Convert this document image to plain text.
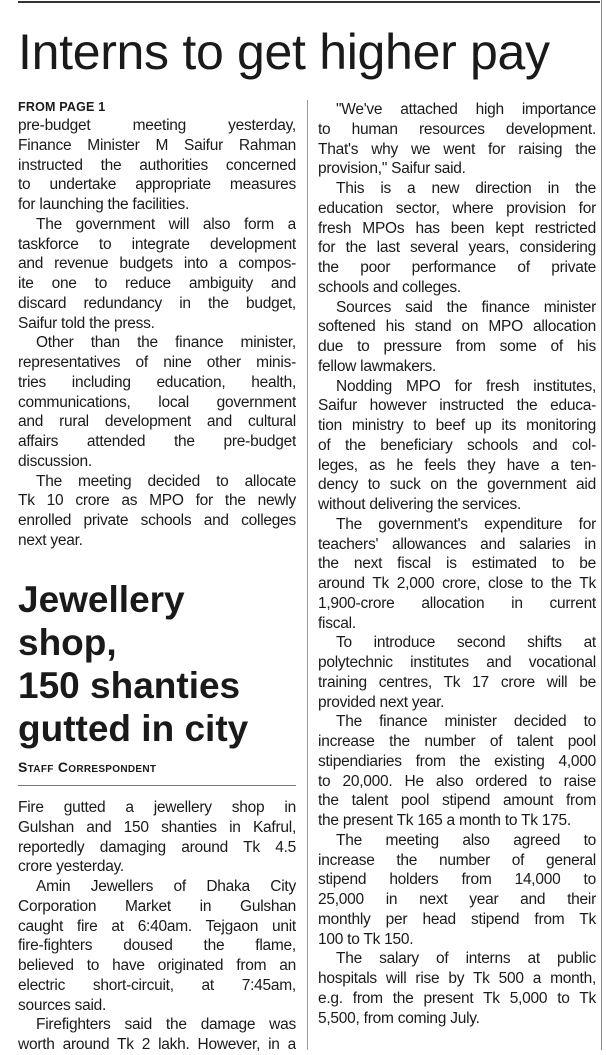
Interns to get higher pay
FROM PAGE 1
pre-budget meeting yesterday,
Finance Minister M Saifur Rahman
instructed the authorities concerned
to undertake appropriate measures
for launching the facilities.
The government will also form a
taskforce to integrate development
and revenue budgets into a compos-
ite one to reduce ambiguity and
discard redundancy in the budget,
Saifur told the press.
Other than the finance minister,
representatives of nine other minis-
tries including education, health,
communications, local government
and rural development and cultural
affairs attended the pre-budget
discussion.
The meeting decided to allocate
Tk 10 crore as MPO for the newly
enrolled private schools and colleges
next year.
"We've attached high importance
to human resources development.
That's why we went for raising the
provision," Saifur said.
This is a new direction in the
education sector, where provision for
fresh MPOs has been kept restricted
for the last several years, considering
the poor performance of private
schools and colleges.
Sources said the finance minister
softened his stand on MPO allocation
due to pressure from some of his
fellow lawmakers.
Nodding MPO for fresh institutes,
Saifur however instructed the educa-
tion ministry to beef up its monitoring
of the beneficiary schools and col-
leges, as he feels they have a ten-
dency to suck on the government aid
without delivering the services.
The government's expenditure for
teachers' allowances and salaries in
the next fiscal is estimated to be
around Tk 2,000 crore, close to the Tk
1,900-crore allocation in current
fiscal.
To introduce second shifts at
polytechnic institutes and vocational
training centres, Tk 17 crore will be
provided next year.
The finance minister decided to
increase the number of talent pool
stipendiaries from the existing 4,000
to 20,000. He also ordered to raise
the talent pool stipend amount from
the present Tk 165 a month to Tk 175.
The meeting also agreed to
increase the number of general
stipend holders from 14,000 to
25,000 in next year and their
monthly per head stipend from Tk
100 to Tk 150.
The salary of interns at public
hospitals will rise by Tk 500 a month,
e.g. from the present Tk 5,000 to Tk
5,500, from coming July.
Jewellery
shop,
150 shanties
gutted in city
Staff Correspondent
Fire gutted a jewellery shop in
Gulshan and 150 shanties in Kafrul,
reportedly damaging around Tk 4.5
crore yesterday.
Amin Jewellers of Dhaka City
Corporation Market in Gulshan
caught fire at 6:40am. Tejgaon unit
fire-fighters doused the flame,
believed to have originated from an
electric short-circuit, at 7:45am,
sources said.
Firefighters said the damage was
worth around Tk 2 lakh. However, in a
